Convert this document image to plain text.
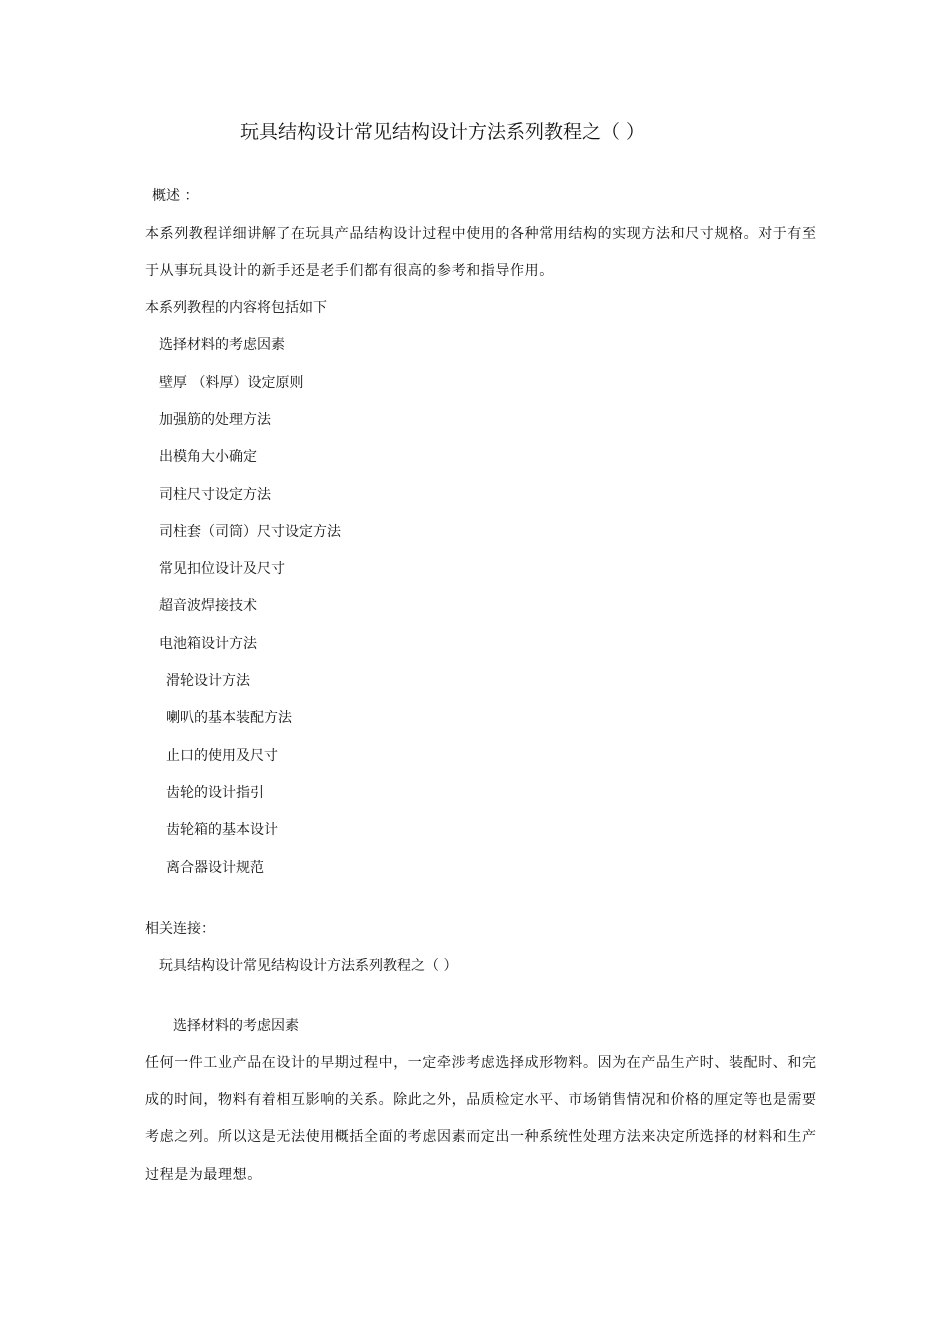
玩具结构设计常见结构设计方法系列教程之（ ）
概述 ：
本系列教程详细讲解了在玩具产品结构设计过程中使用的各种常用结构的实现方法和尺寸规格。对于有至
于从事玩具设计的新手还是老手们都有很高的参考和指导作用。
本系列教程的内容将包括如下
选择材料的考虑因素
壁厚 （料厚）设定原则
加强筋的处理方法
出模角大小确定
司柱尺寸设定方法
司柱套（司筒）尺寸设定方法
常见扣位设计及尺寸
超音波焊接技术
电池箱设计方法
滑轮设计方法
喇叭的基本装配方法
止口的使用及尺寸
齿轮的设计指引
齿轮箱的基本设计
离合器设计规范
相关连接：
玩具结构设计常见结构设计方法系列教程之（ ）
选择材料的考虑因素
任何一件工业产品在设计的早期过程中，一定牵涉考虑选择成形物料。因为在产品生产时、装配时、和完
成的时间，物料有着相互影响的关系。除此之外，品质检定水平、市场销售情况和价格的厘定等也是需要
考虑之列。所以这是无法使用概括全面的考虑因素而定出一种系统性处理方法来决定所选择的材料和生产
过程是为最理想。
